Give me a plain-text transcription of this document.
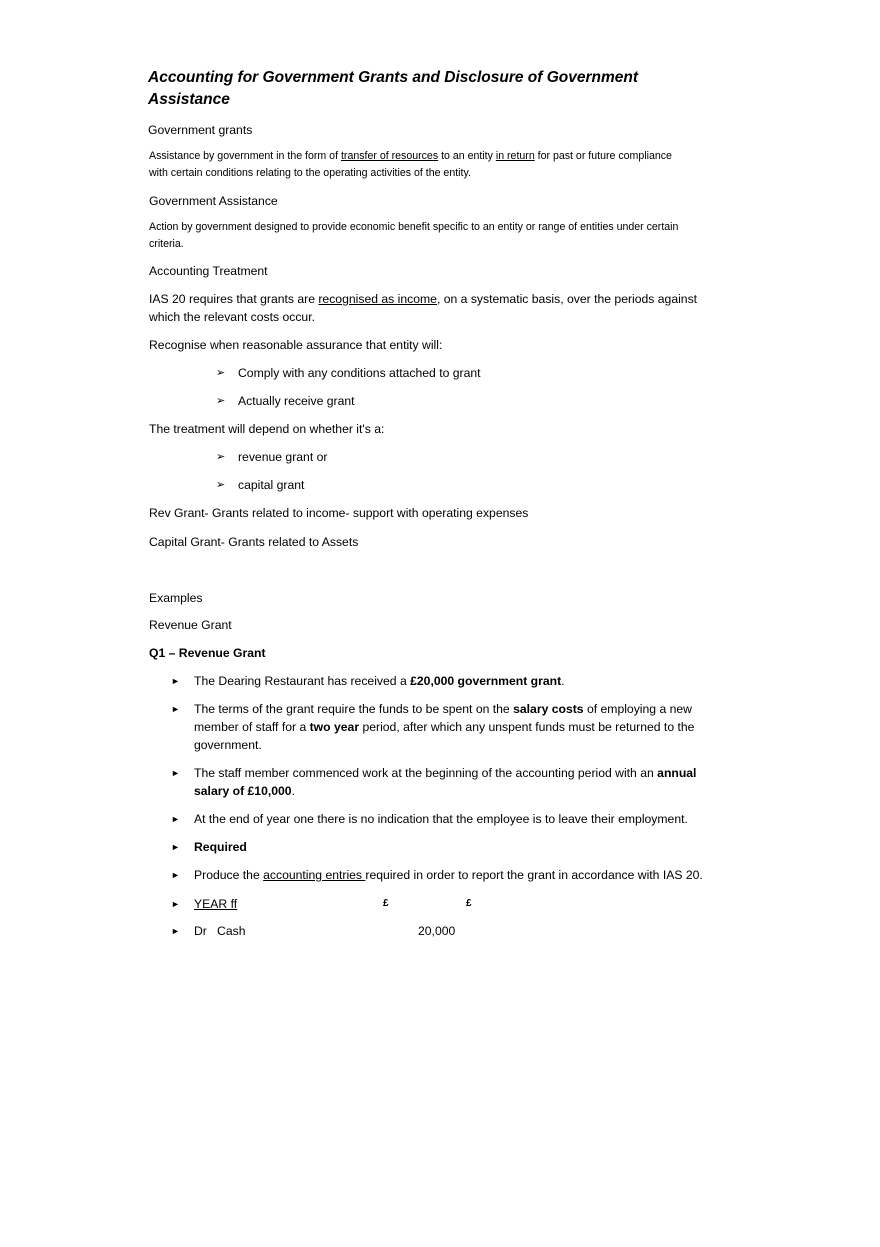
Accounting for Government Grants and Disclosure of Government
Assistance
Government grants
Assistance by government in the form of transfer of resources to an entity in return for past or future compliance
with certain conditions relating to the operating activities of the entity.
Government Assistance
Action by government designed to provide economic benefit specific to an entity or range of entities under certain
criteria.
Accounting Treatment
IAS 20 requires that grants are recognised as income, on a systematic basis, over the periods against
which the relevant costs occur.
Recognise when reasonable assurance that entity will:
➢ Comply with any conditions attached to grant
➢ Actually receive grant
The treatment will depend on whether it's a:
➢ revenue grant or
➢ capital grant
Rev Grant- Grants related to income- support with operating expenses
Capital Grant- Grants related to Assets
Examples
Revenue Grant
Q1 – Revenue Grant
► The Dearing Restaurant has received a £20,000 government grant.
► The terms of the grant require the funds to be spent on the salary costs of employing a new
member of staff for a two year period, after which any unspent funds must be returned to the
government.
► The staff member commenced work at the beginning of the accounting period with an annual
salary of £10,000.
► At the end of year one there is no indication that the employee is to leave their employment.
► Required
► Produce the accounting entries required in order to report the grant in accordance with IAS 20.
► YEAR ff	£	£
► Dr   Cash	20,000
